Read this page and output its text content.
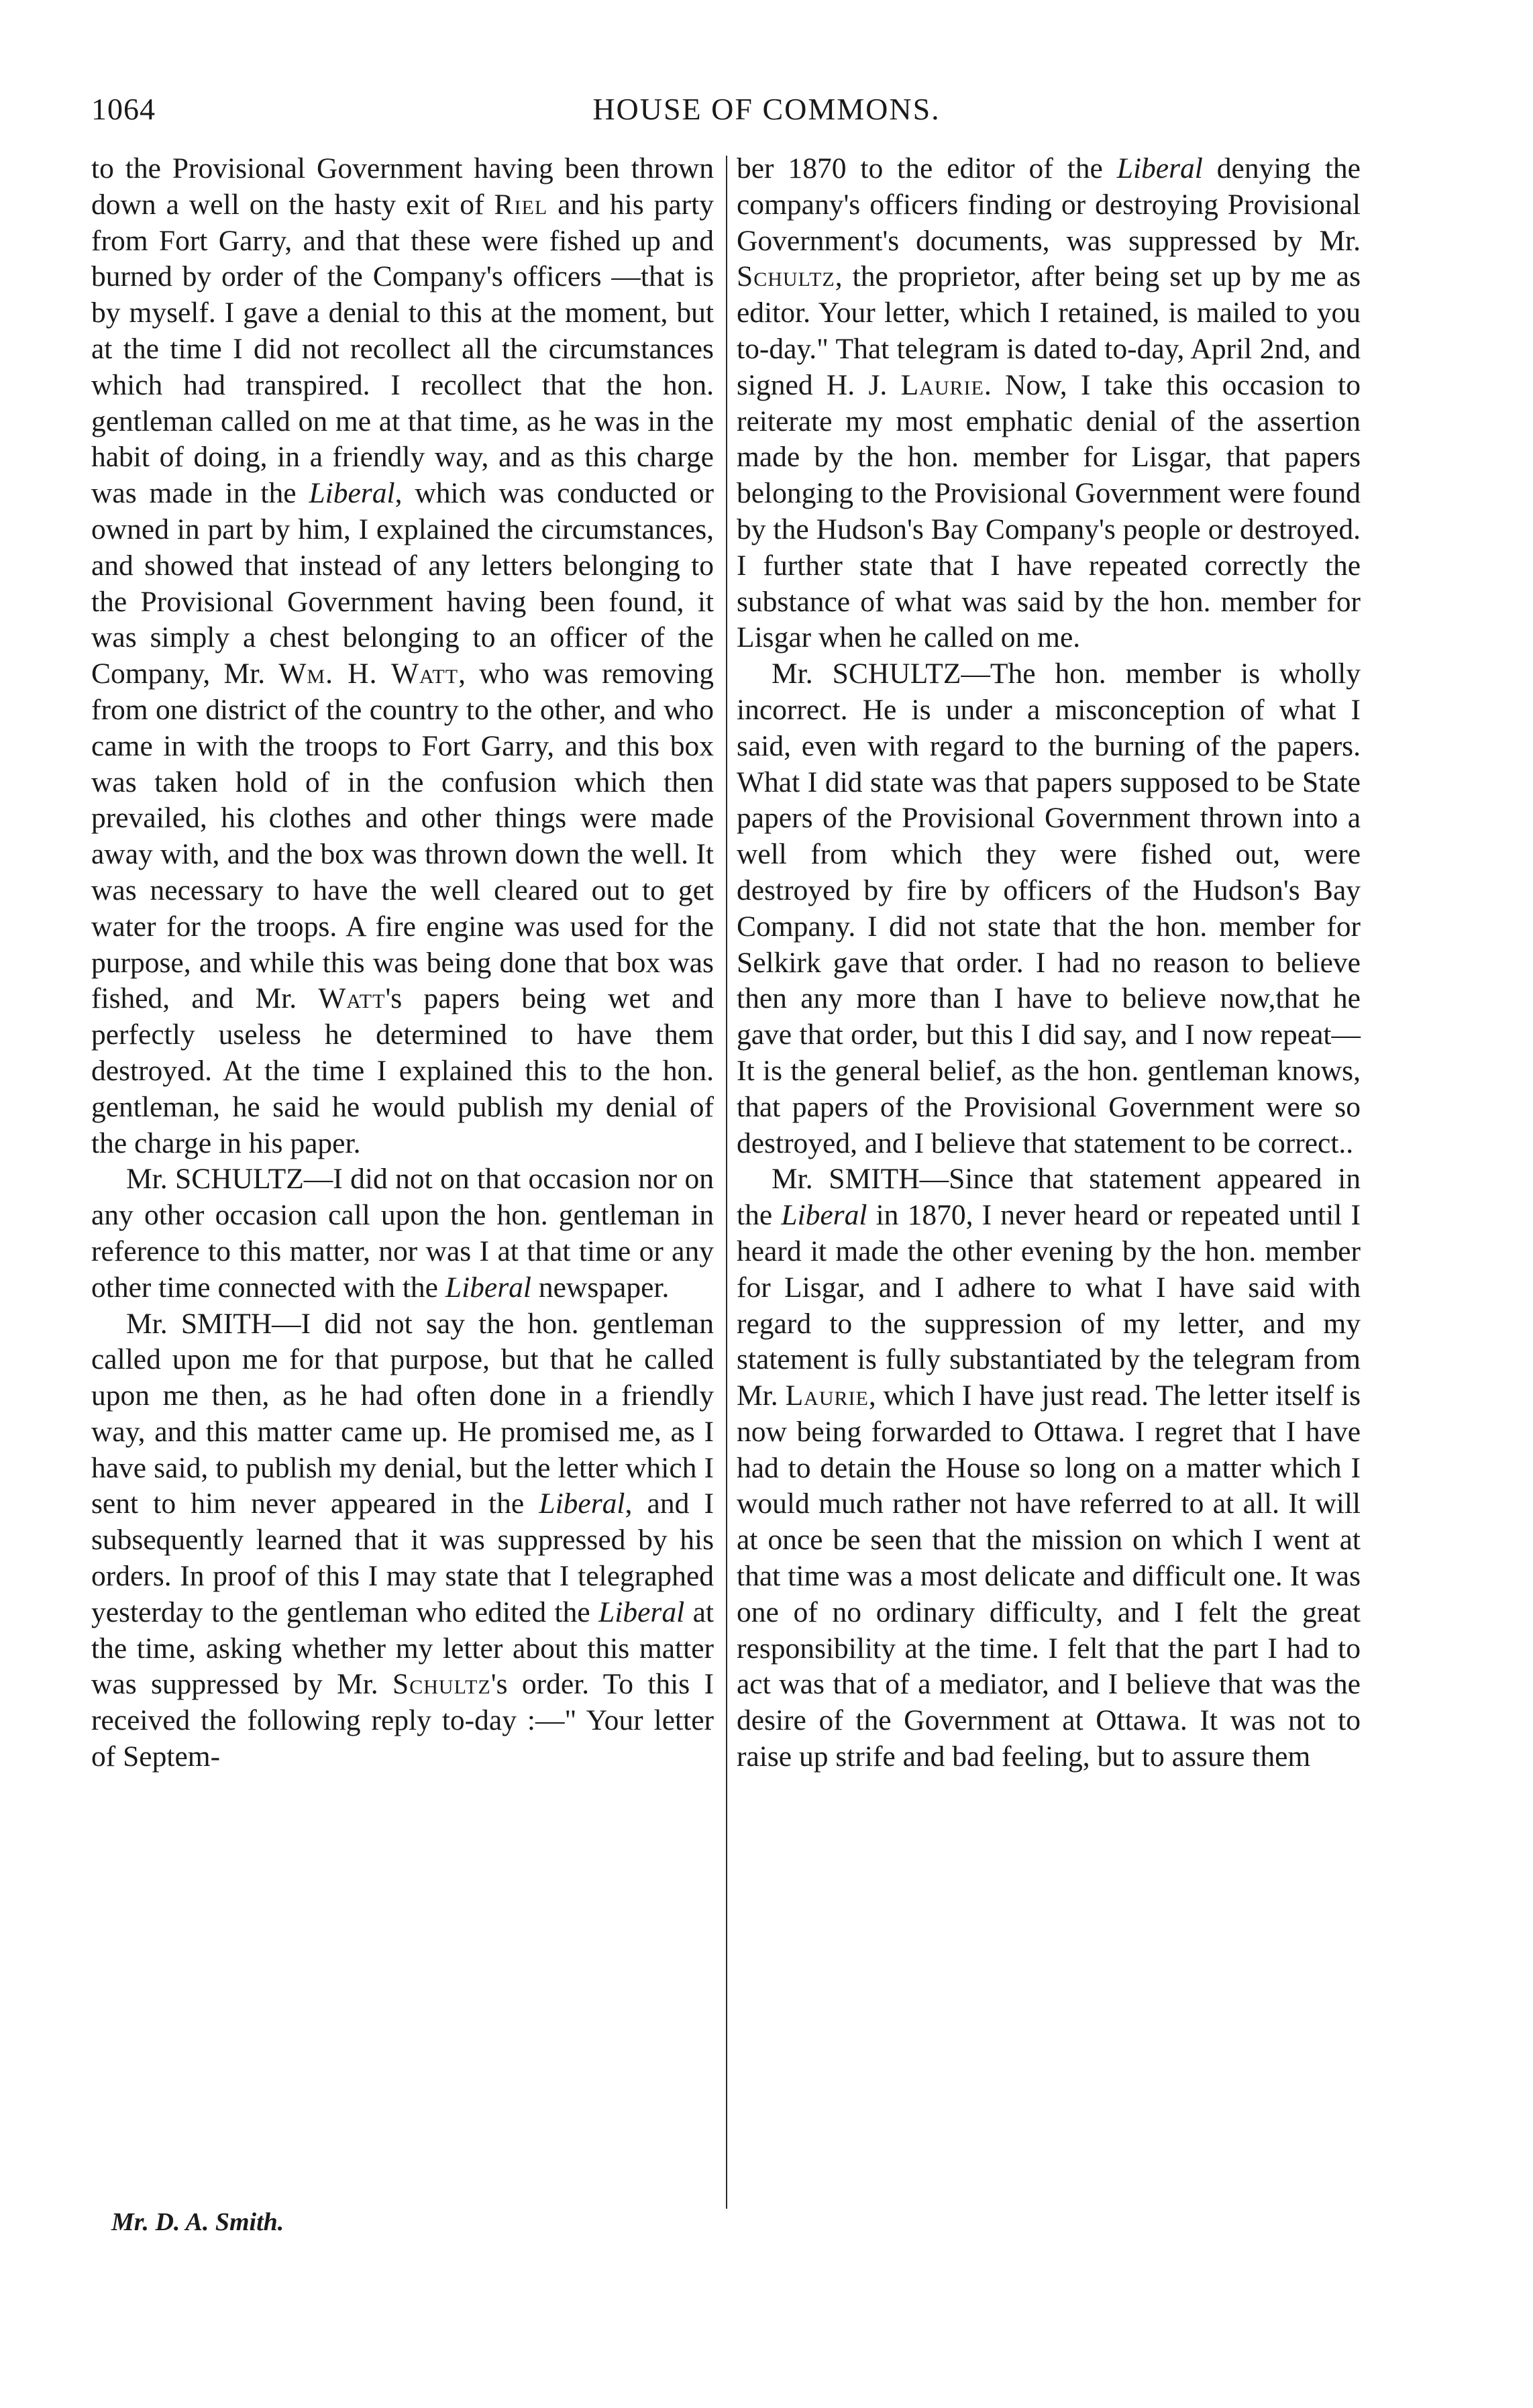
1064	HOUSE OF COMMONS.

to the Provisional Government having been thrown down a well on the hasty exit of Riel and his party from Fort Garry, and that these were fished up and burned by order of the Company's officers —that is by myself. I gave a denial to this at the moment, but at the time I did not recollect all the circumstances which had transpired. I recollect that the hon. gentleman called on me at that time, as he was in the habit of doing, in a friendly way, and as this charge was made in the Liberal, which was conducted or owned in part by him, I explained the circumstances, and showed that instead of any letters belonging to the Provisional Government having been found, it was simply a chest belonging to an officer of the Company, Mr. Wm. H. Watt, who was removing from one district of the country to the other, and who came in with the troops to Fort Garry, and this box was taken hold of in the confusion which then prevailed, his clothes and other things were made away with, and the box was thrown down the well. It was necessary to have the well cleared out to get water for the troops. A fire engine was used for the purpose, and while this was being done that box was fished, and Mr. Watt's papers being wet and perfectly useless he determined to have them destroyed. At the time I explained this to the hon. gentleman, he said he would publish my denial of the charge in his paper.

Mr. SCHULTZ—I did not on that occasion nor on any other occasion call upon the hon. gentleman in reference to this matter, nor was I at that time or any other time connected with the Liberal newspaper.

Mr. SMITH—I did not say the hon. gentleman called upon me for that purpose, but that he called upon me then, as he had often done in a friendly way, and this matter came up. He promised me, as I have said, to publish my denial, but the letter which I sent to him never appeared in the Liberal, and I subsequently learned that it was suppressed by his orders. In proof of this I may state that I telegraphed yesterday to the gentleman who edited the Liberal at the time, asking whether my letter about this matter was suppressed by Mr. Schultz's order. To this I received the following reply to-day :—" Your letter of Septem-

ber 1870 to the editor of the Liberal denying the company's officers finding or destroying Provisional Government's documents, was suppressed by Mr. Schultz, the proprietor, after being set up by me as editor. Your letter, which I retained, is mailed to you to-day." That telegram is dated to-day, April 2nd, and signed H. J. Laurie. Now, I take this occasion to reiterate my most emphatic denial of the assertion made by the hon. member for Lisgar, that papers belonging to the Provisional Government were found by the Hudson's Bay Company's people or destroyed. I further state that I have repeated correctly the substance of what was said by the hon. member for Lisgar when he called on me.

Mr. SCHULTZ—The hon. member is wholly incorrect. He is under a misconception of what I said, even with regard to the burning of the papers. What I did state was that papers supposed to be State papers of the Provisional Government thrown into a well from which they were fished out, were destroyed by fire by officers of the Hudson's Bay Company. I did not state that the hon. member for Selkirk gave that order. I had no reason to believe then any more than I have to believe now,that he gave that order, but this I did say, and I now repeat—It is the general belief, as the hon. gentleman knows, that papers of the Provisional Government were so destroyed, and I believe that statement to be correct..

Mr. SMITH—Since that statement appeared in the Liberal in 1870, I never heard or repeated until I heard it made the other evening by the hon. member for Lisgar, and I adhere to what I have said with regard to the suppression of my letter, and my statement is fully substantiated by the telegram from Mr. Laurie, which I have just read. The letter itself is now being forwarded to Ottawa. I regret that I have had to detain the House so long on a matter which I would much rather not have referred to at all. It will at once be seen that the mission on which I went at that time was a most delicate and difficult one. It was one of no ordinary difficulty, and I felt the great responsibility at the time. I felt that the part I had to act was that of a mediator, and I believe that was the desire of the Government at Ottawa. It was not to raise up strife and bad feeling, but to assure them

Mr. D. A. Smith.
